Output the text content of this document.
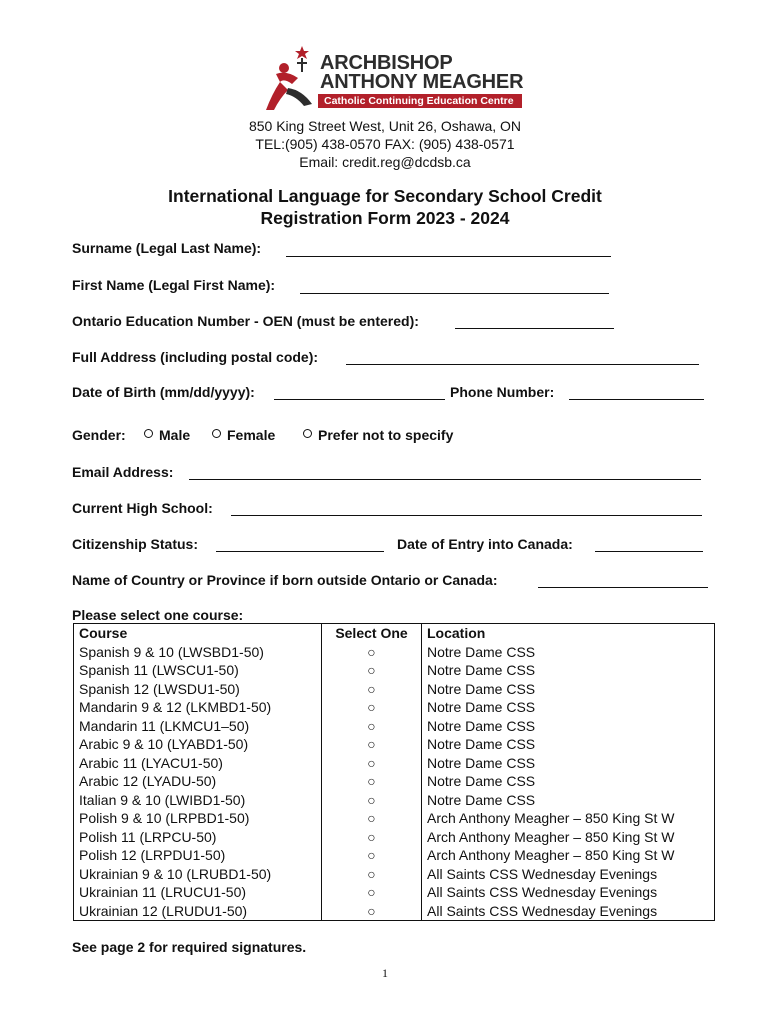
ARCHBISHOP
ANTHONY MEAGHER
Catholic Continuing Education Centre
850 King Street West, Unit 26, Oshawa, ON
TEL:(905) 438-0570 FAX: (905) 438-0571
Email: credit.reg@dcdsb.ca
International Language for Secondary School Credit
Registration Form 2023 - 2024
Surname (Legal Last Name):
First Name (Legal First Name):
Ontario Education Number - OEN (must be entered):
Full Address (including postal code):
Date of Birth (mm/dd/yyyy):	Phone Number:
Gender:	Male	Female	Prefer not to specify
Email Address:
Current High School:
Citizenship Status:	Date of Entry into Canada:
Name of Country or Province if born outside Ontario or Canada:
Please select one course:
Course	Select One	Location
Spanish 9 & 10 (LWSBD1-50)	○	Notre Dame CSS
Spanish 11 (LWSCU1-50)	○	Notre Dame CSS
Spanish 12 (LWSDU1-50)	○	Notre Dame CSS
Mandarin 9 & 12 (LKMBD1-50)	○	Notre Dame CSS
Mandarin 11 (LKMCU1–50)	○	Notre Dame CSS
Arabic 9 & 10 (LYABD1-50)	○	Notre Dame CSS
Arabic 11 (LYACU1-50)	○	Notre Dame CSS
Arabic 12 (LYADU-50)	○	Notre Dame CSS
Italian 9 & 10 (LWIBD1-50)	○	Notre Dame CSS
Polish 9 & 10 (LRPBD1-50)	○	Arch Anthony Meagher – 850 King St W
Polish 11 (LRPCU-50)	○	Arch Anthony Meagher – 850 King St W
Polish 12 (LRPDU1-50)	○	Arch Anthony Meagher – 850 King St W
Ukrainian 9 & 10 (LRUBD1-50)	○	All Saints CSS Wednesday Evenings
Ukrainian 11 (LRUCU1-50)	○	All Saints CSS Wednesday Evenings
Ukrainian 12 (LRUDU1-50)	○	All Saints CSS Wednesday Evenings
See page 2 for required signatures.
1
